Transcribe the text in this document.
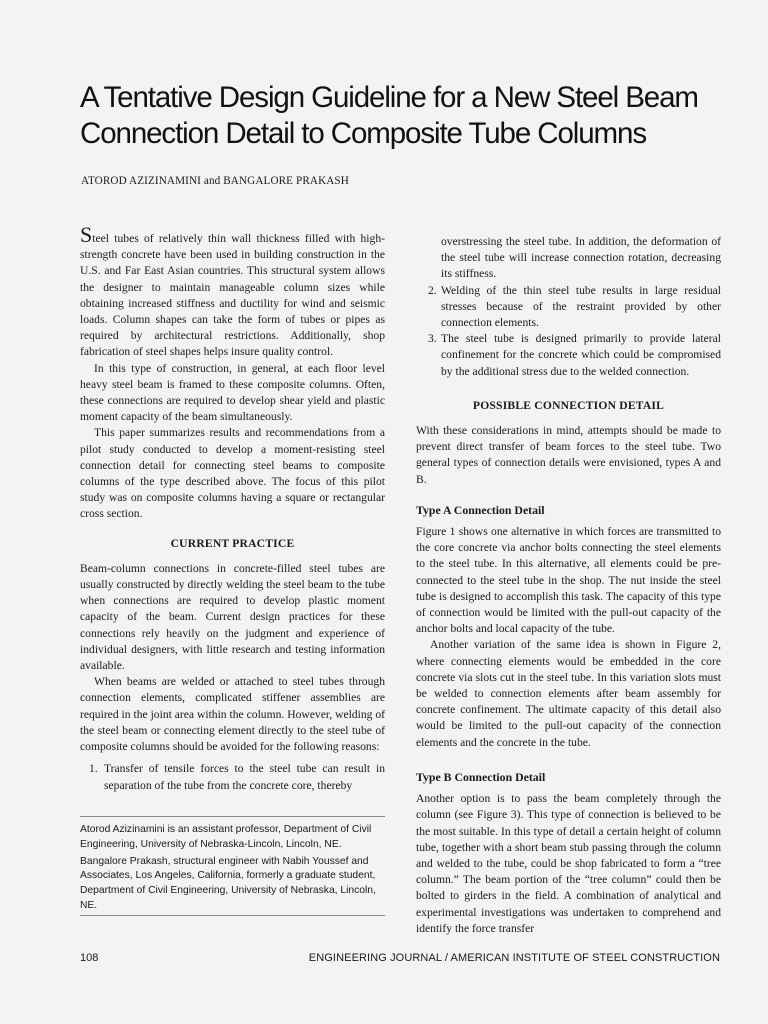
A Tentative Design Guideline for a New Steel Beam
Connection Detail to Composite Tube Columns
ATOROD AZIZINAMINI and BANGALORE PRAKASH

Steel tubes of relatively thin wall thickness filled with high-strength concrete have been used in building construction in the U.S. and Far East Asian countries. This structural system allows the designer to maintain manageable column sizes while obtaining increased stiffness and ductility for wind and seismic loads. Column shapes can take the form of tubes or pipes as required by architectural restrictions. Additionally, shop fabrication of steel shapes helps insure quality control.

In this type of construction, in general, at each floor level heavy steel beam is framed to these composite columns. Often, these connections are required to develop shear yield and plastic moment capacity of the beam simultaneously.

This paper summarizes results and recommendations from a pilot study conducted to develop a moment-resisting steel connection detail for connecting steel beams to composite columns of the type described above. The focus of this pilot study was on composite columns having a square or rectangular cross section.

CURRENT PRACTICE

Beam-column connections in concrete-filled steel tubes are usually constructed by directly welding the steel beam to the tube when connections are required to develop plastic moment capacity of the beam. Current design practices for these connections rely heavily on the judgment and experience of individual designers, with little research and testing information available.

When beams are welded or attached to steel tubes through connection elements, complicated stiffener assemblies are required in the joint area within the column. However, welding of the steel beam or connecting element directly to the steel tube of composite columns should be avoided for the following reasons:

1. Transfer of tensile forces to the steel tube can result in separation of the tube from the concrete core, thereby

Atorod Azizinamini is an assistant professor, Department of Civil Engineering, University of Nebraska-Lincoln, Lincoln, NE.

Bangalore Prakash, structural engineer with Nabih Youssef and Associates, Los Angeles, California, formerly a graduate student, Department of Civil Engineering, University of Nebraska, Lincoln, NE.

overstressing the steel tube. In addition, the deformation of the steel tube will increase connection rotation, decreasing its stiffness.
2. Welding of the thin steel tube results in large residual stresses because of the restraint provided by other connection elements.
3. The steel tube is designed primarily to provide lateral confinement for the concrete which could be compromised by the additional stress due to the welded connection.
POSSIBLE CONNECTION DETAIL

With these considerations in mind, attempts should be made to prevent direct transfer of beam forces to the steel tube. Two general types of connection details were envisioned, types A and B.

Type A Connection Detail

Figure 1 shows one alternative in which forces are transmitted to the core concrete via anchor bolts connecting the steel elements to the steel tube. In this alternative, all elements could be pre-connected to the steel tube in the shop. The nut inside the steel tube is designed to accomplish this task. The capacity of this type of connection would be limited with the pull-out capacity of the anchor bolts and local capacity of the tube.

Another variation of the same idea is shown in Figure 2, where connecting elements would be embedded in the core concrete via slots cut in the steel tube. In this variation slots must be welded to connection elements after beam assembly for concrete confinement. The ultimate capacity of this detail also would be limited to the pull-out capacity of the connection elements and the concrete in the tube.

Type B Connection Detail

Another option is to pass the beam completely through the column (see Figure 3). This type of connection is believed to be the most suitable. In this type of detail a certain height of column tube, together with a short beam stub passing through the column and welded to the tube, could be shop fabricated to form a “tree column.” The beam portion of the “tree column” could then be bolted to girders in the field. A combination of analytical and experimental investigations was undertaken to comprehend and identify the force transfer

108	ENGINEERING JOURNAL / AMERICAN INSTITUTE OF STEEL CONSTRUCTION
